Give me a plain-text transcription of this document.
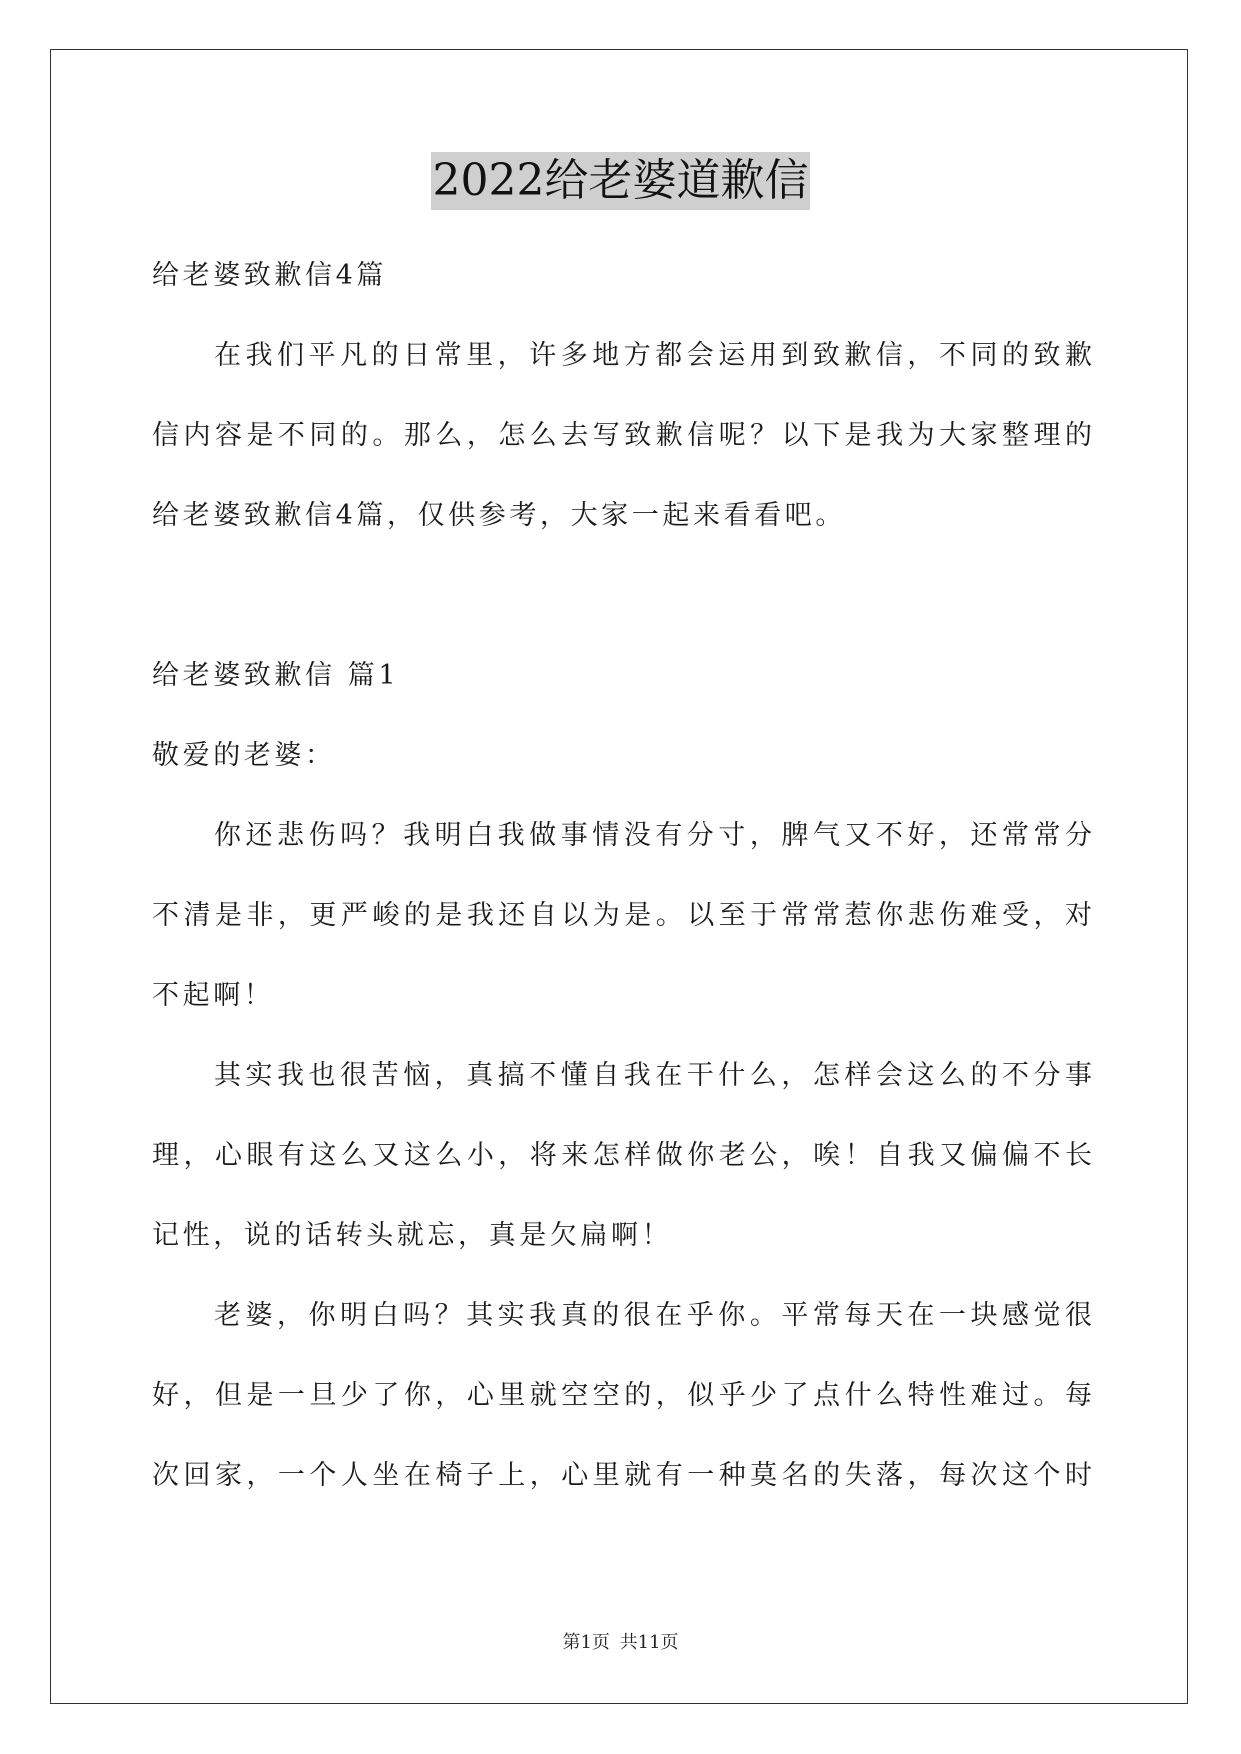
2022给老婆道歉信
给老婆致歉信4篇
在我们平凡的日常里，许多地方都会运用到致歉信，不同的致歉
信内容是不同的。那么，怎么去写致歉信呢？以下是我为大家整理的
给老婆致歉信4篇，仅供参考，大家一起来看看吧。
给老婆致歉信 篇1
敬爱的老婆：
你还悲伤吗？我明白我做事情没有分寸，脾气又不好，还常常分
不清是非，更严峻的是我还自以为是。以至于常常惹你悲伤难受，对
不起啊！
其实我也很苦恼，真搞不懂自我在干什么，怎样会这么的不分事
理，心眼有这么又这么小，将来怎样做你老公，唉！自我又偏偏不长
记性，说的话转头就忘，真是欠扁啊！
老婆，你明白吗？其实我真的很在乎你。平常每天在一块感觉很
好，但是一旦少了你，心里就空空的，似乎少了点什么特性难过。每
次回家，一个人坐在椅子上，心里就有一种莫名的失落，每次这个时
第1页 共11页
